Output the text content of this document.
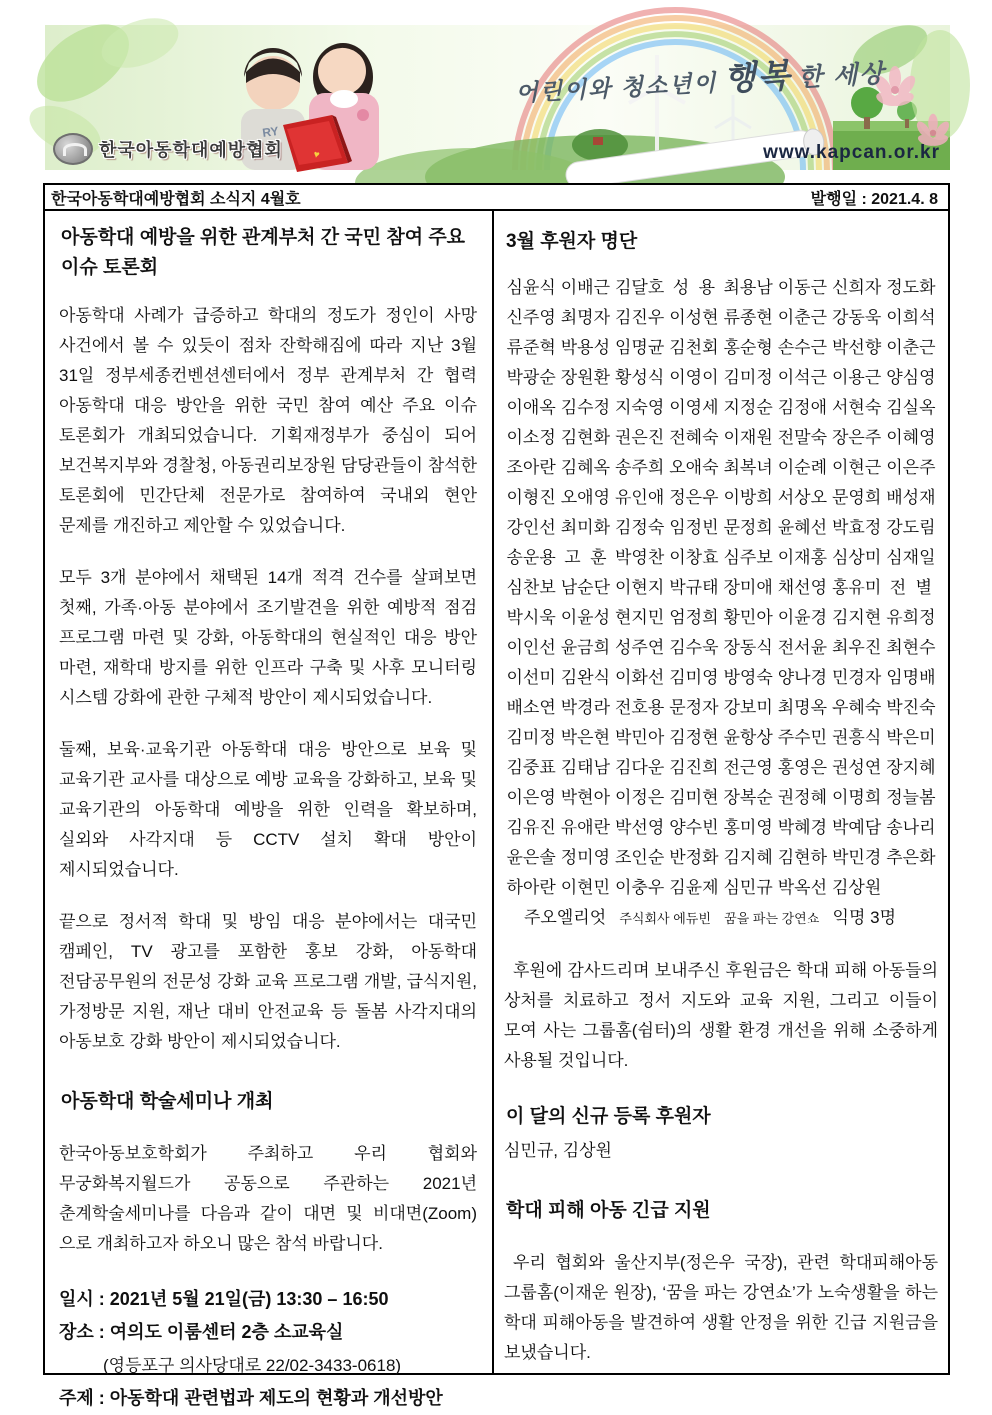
RY
♥
어린이와 청소년이 행복 한 세상
한국아동학대예방협회	www.kapcan.or.kr
한국아동학대예방협회 소식지 4월호	발행일 : 2021.4. 8
아동학대 예방을 위한 관계부처 간 국민 참여 주요 이슈 토론회

아동학대 사례가 급증하고 학대의 정도가 정인이 사망 사건에서 볼 수 있듯이 점차 잔학해짐에 따라 지난 3월 31일 정부세종컨벤션센터에서 정부 관계부처 간 협력 아동학대 대응 방안을 위한 국민 참여 예산 주요 이슈 토론회가 개최되었습니다. 기획재정부가 중심이 되어 보건복지부와 경찰청, 아동권리보장원 담당관들이 참석한 토론회에 민간단체 전문가로 참여하여 국내외 현안 문제를 개진하고 제안할 수 있었습니다.

모두 3개 분야에서 채택된 14개 적격 건수를 살펴보면 첫째, 가족·아동 분야에서 조기발견을 위한 예방적 점검 프로그램 마련 및 강화, 아동학대의 현실적인 대응 방안 마련, 재학대 방지를 위한 인프라 구축 및 사후 모니터링 시스템 강화에 관한 구체적 방안이 제시되었습니다.

둘째, 보육·교육기관 아동학대 대응 방안으로 보육 및 교육기관 교사를 대상으로 예방 교육을 강화하고, 보육 및 교육기관의 아동학대 예방을 위한 인력을 확보하며, 실외와 사각지대 등 CCTV 설치 확대 방안이 제시되었습니다.

끝으로 정서적 학대 및 방임 대응 분야에서는 대국민 캠페인, TV 광고를 포함한 홍보 강화, 아동학대 전담공무원의 전문성 강화 교육 프로그램 개발, 급식지원, 가정방문 지원, 재난 대비 안전교육 등 돌봄 사각지대의 아동보호 강화 방안이 제시되었습니다.

아동학대 학술세미나 개최

한국아동보호학회가 주최하고 우리 협회와 무궁화복지월드가 공동으로 주관하는 2021년 춘계학술세미나를 다음과 같이 대면 및 비대면(Zoom)으로 개최하고자 하오니 많은 참석 바랍니다.

일시 : 2021년 5월 21일(금) 13:30 – 16:50

장소 : 여의도 이룸센터 2층 소교육실

(영등포구 의사당대로 22/02-3433-0618)

주제 : 아동학대 관련법과 제도의 현황과 개선방안

3월 후원자 명단
심윤식 이배근 김달호 성  용 최용남 이동근 신희자 정도화
신주영 최명자 김진우 이성현 류종현 이춘근 강동욱 이희석
류준혁 박용성 임명균 김천회 홍순형 손수근 박선향 이춘근
박광순 장원환 황성식 이영이 김미정 이석근 이용근 양심영
이애옥 김수정 지숙영 이영세 지정순 김정애 서현숙 김실옥
이소정 김현화 권은진 전혜숙 이재원 전말숙 장은주 이혜영
조아란 김혜옥 송주희 오애숙 최복녀 이순례 이현근 이은주
이형진 오애영 유인애 정은우 이방희 서상오 문영희 배성재
강인선 최미화 김정숙 임정빈 문정희 윤혜선 박효정 강도림
송운용 고  훈 박영찬 이창효 심주보 이재홍 심상미 심재일
심찬보 남순단 이현지 박규태 장미애 채선영 홍유미 전  별
박시욱 이윤성 현지민 엄정희 황민아 이윤경 김지현 유희정
이인선 윤금희 성주연 김수욱 장동식 전서윤 최우진 최현수
이선미 김완식 이화선 김미영 방영숙 양나경 민경자 임명배
배소연 박경라 전호용 문정자 강보미 최명옥 우혜숙 박진숙
김미정 박은현 박민아 김정현 윤항상 주수민 권흥식 박은미
김중표 김태남 김다운 김진희 전근영 홍영은 권성연 장지혜
이은영 박현아 이정은 김미현 장복순 권정혜 이명희 정늘봄
김유진 유애란 박선영 양수빈 홍미영 박혜경 박예담 송나리
윤은솔 정미영 조인순 반정화 김지혜 김현하 박민경 추은화
하아란 이현민 이충우 김윤제 심민규 박옥선 김상원
주오엘리엇 주식회사 에듀빈 꿈을 파는 강연쇼 익명 3명

후원에 감사드리며 보내주신 후원금은 학대 피해 아동들의 상처를 치료하고 정서 지도와 교육 지원, 그리고 이들이 모여 사는 그룹홈(쉼터)의 생활 환경 개선을 위해 소중하게 사용될 것입니다.

이 달의 신규 등록 후원자

심민규, 김상원

학대 피해 아동 긴급 지원

우리 협회와 울산지부(정은우 국장), 관련 학대피해아동 그룹홈(이재운 원장), ‘꿈을 파는 강연쇼’가 노숙생활을 하는 학대 피해아동을 발견하여 생활 안정을 위한 긴급 지원금을 보냈습니다.
